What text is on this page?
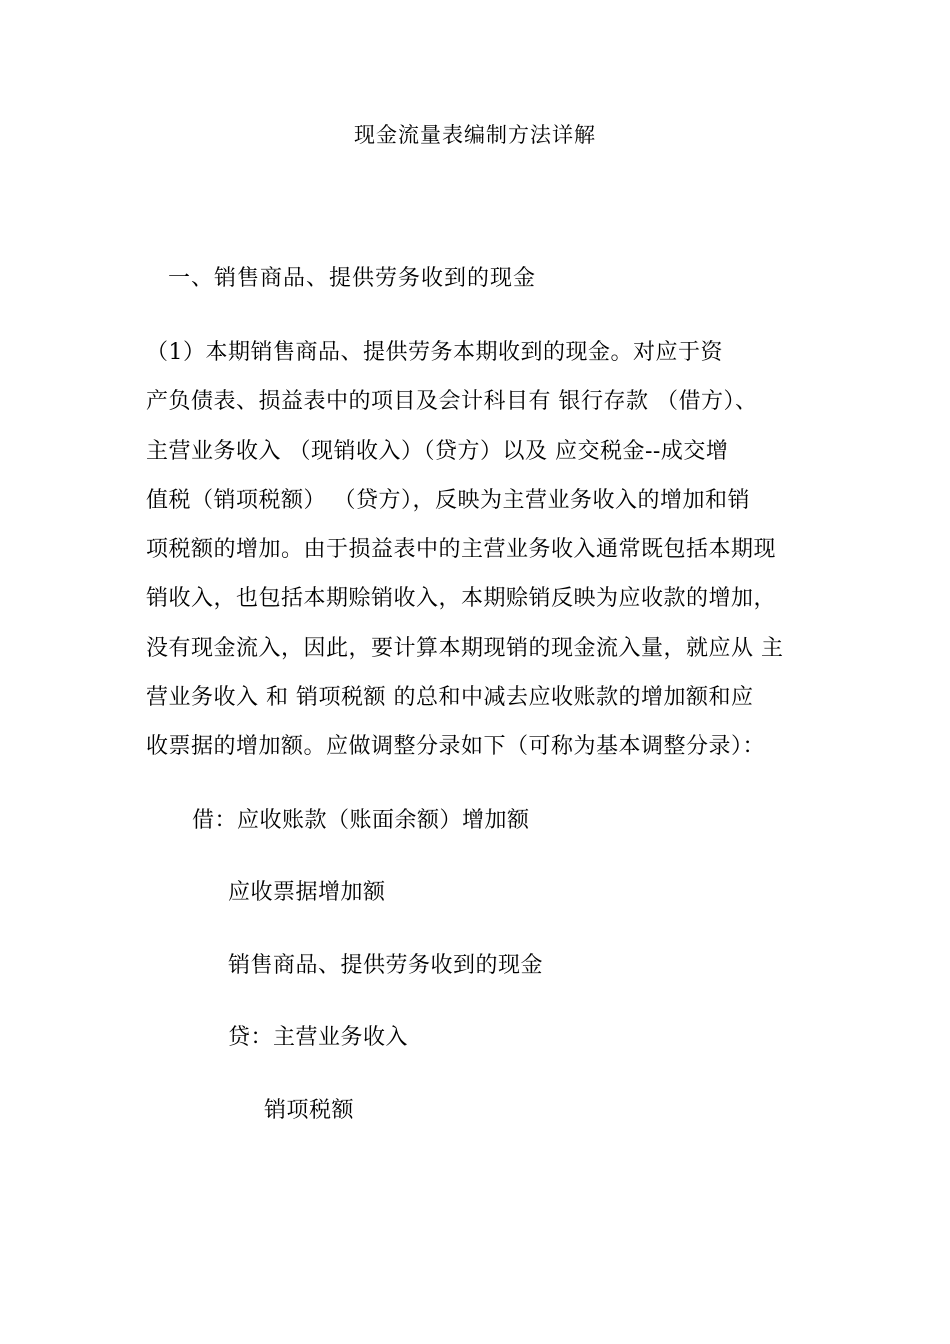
现金流量表编制方法详解
一、销售商品、提供劳务收到的现金
（1）本期销售商品、提供劳务本期收到的现金。对应于资
产负债表、损益表中的项目及会计科目有 银行存款 （借方）、
主营业务收入 （现销收入）（贷方）以及 应交税金--成交增
值税（销项税额） （贷方），反映为主营业务收入的增加和销
项税额的增加。由于损益表中的主营业务收入通常既包括本期现
销收入，也包括本期赊销收入，本期赊销反映为应收款的增加，
没有现金流入，因此，要计算本期现销的现金流入量，就应从 主
营业务收入 和 销项税额 的总和中减去应收账款的增加额和应
收票据的增加额。应做调整分录如下（可称为基本调整分录）：
借：应收账款（账面余额）增加额
应收票据增加额
销售商品、提供劳务收到的现金
贷：主营业务收入
销项税额
